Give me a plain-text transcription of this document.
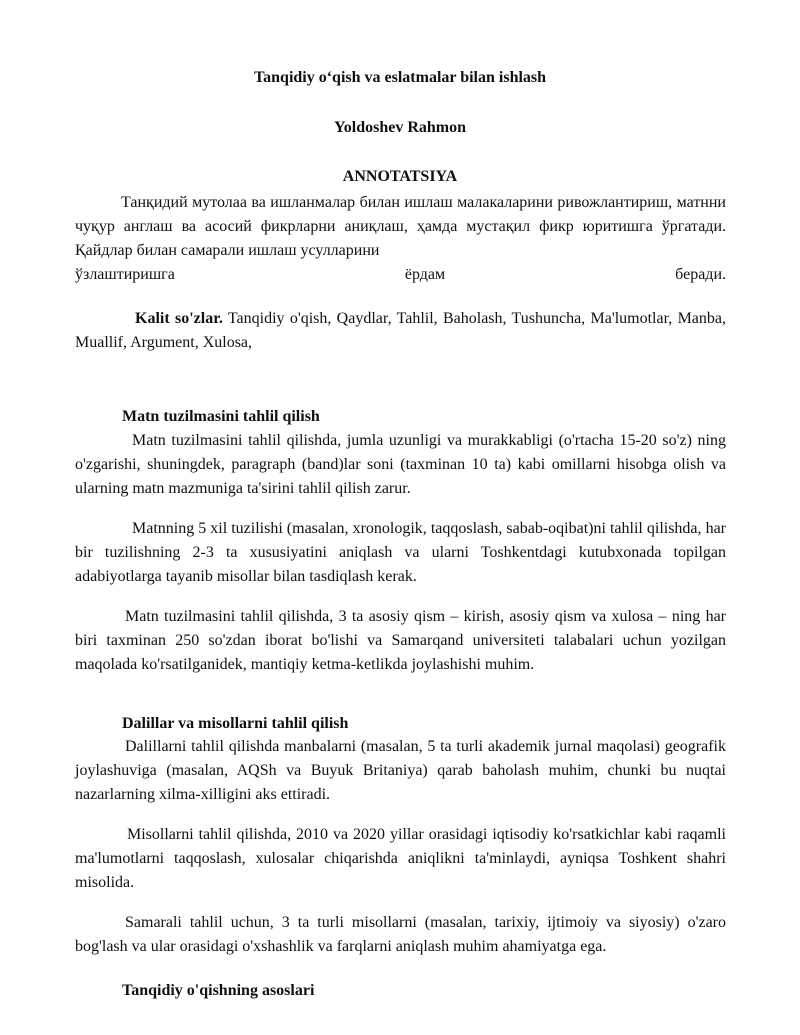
Tanqidiy o‘qish va eslatmalar bilan ishlash
Yoldoshev Rahmon
ANNOTATSIYA

Танқидий мутолаа ва ишланмалар билан ишлаш малакаларини ривожлантириш, матнни чуқур англаш ва асосий фикрларни аниқлаш, ҳамда мустақил фикр юритишга ўргатади. Қайдлар билан самарали ишлаш усулларини

ўзлаштиришга ёрдам беради.

Kalit so'zlar. Tanqidiy o'qish, Qaydlar, Tahlil, Baholash, Tushuncha, Ma'lumotlar, Manba, Muallif, Argument, Xulosa,

Matn tuzilmasini tahlil qilish

Matn tuzilmasini tahlil qilishda, jumla uzunligi va murakkabligi (o'rtacha 15-20 so'z) ning o'zgarishi, shuningdek, paragraph (band)lar soni (taxminan 10 ta) kabi omillarni hisobga olish va ularning matn mazmuniga ta'sirini tahlil qilish zarur.

Matnning 5 xil tuzilishi (masalan, xronologik, taqqoslash, sabab-oqibat)ni tahlil qilishda, har bir tuzilishning 2-3 ta xususiyatini aniqlash va ularni Toshkentdagi kutubxonada topilgan adabiyotlarga tayanib misollar bilan tasdiqlash kerak.

Matn tuzilmasini tahlil qilishda, 3 ta asosiy qism – kirish, asosiy qism va xulosa – ning har biri taxminan 250 so'zdan iborat bo'lishi va Samarqand universiteti talabalari uchun yozilgan maqolada ko'rsatilganidek, mantiqiy ketma-ketlikda joylashishi muhim.

Dalillar va misollarni tahlil qilish

Dalillarni tahlil qilishda manbalarni (masalan, 5 ta turli akademik jurnal maqolasi) geografik joylashuviga (masalan, AQSh va Buyuk Britaniya) qarab baholash muhim, chunki bu nuqtai nazarlarning xilma-xilligini aks ettiradi.

Misollarni tahlil qilishda, 2010 va 2020 yillar orasidagi iqtisodiy ko'rsatkichlar kabi raqamli ma'lumotlarni taqqoslash, xulosalar chiqarishda aniqlikni ta'minlaydi, ayniqsa Toshkent shahri misolida.

Samarali tahlil uchun, 3 ta turli misollarni (masalan, tarixiy, ijtimoiy va siyosiy) o'zaro bog'lash va ular orasidagi o'xshashlik va farqlarni aniqlash muhim ahamiyatga ega.

Tanqidiy o'qishning asoslari
